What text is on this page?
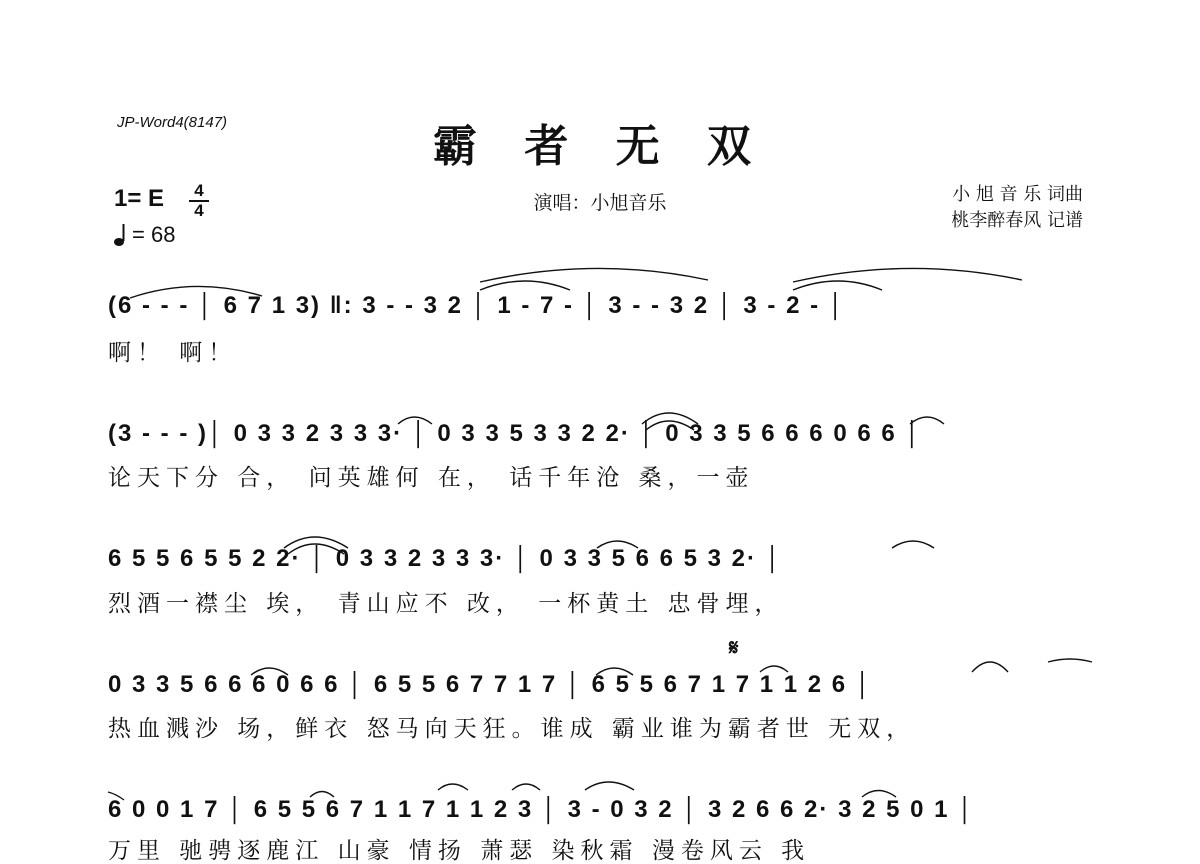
JP-Word4(8147)	霸 者 无 双
演唱：小旭音乐	小 旭 音 乐 词曲
桃李醉春风 记谱
1= E	4
4
= 68
𝄋
(6 - - - │ 6 7 1 3) ‖: 3 - - 3 2 │ 1 - 7 - │ 3 - - 3 2 │ 3 - 2 - │
啊！ 啊！
(3 - - - )│ 0 3 3 2 3 3 3· │ 0 3 3 5 3 3 2 2· │ 0 3 3 5 6 6 6 0 6 6 │
论天下分 合， 问英雄何 在， 话千年沧 桑，一壶
6 5 5 6 5 5 2 2· │ 0 3 3 2 3 3 3· │ 0 3 3 5 6 6 5 3 2· │
烈酒一襟尘 埃， 青山应不 改， 一杯黄土 忠骨埋，
0 3 3 5 6 6 6 0 6 6 │ 6 5 5 6 7 7 1 7 │ 6 5 5 6 7 1 7 1 1 2 6 │
热血溅沙 场，鲜衣 怒马向天狂。谁成 霸业谁为霸者世 无双，
6 0 0 1 7 │ 6 5 5 6 7 1 1 7 1 1 2 3 │ 3 - 0 3 2 │ 3 2 6 6 2· 3 2 5 0 1 │
万里 驰骋逐鹿江 山豪 情扬 萧瑟 染秋霜 漫卷风云 我
